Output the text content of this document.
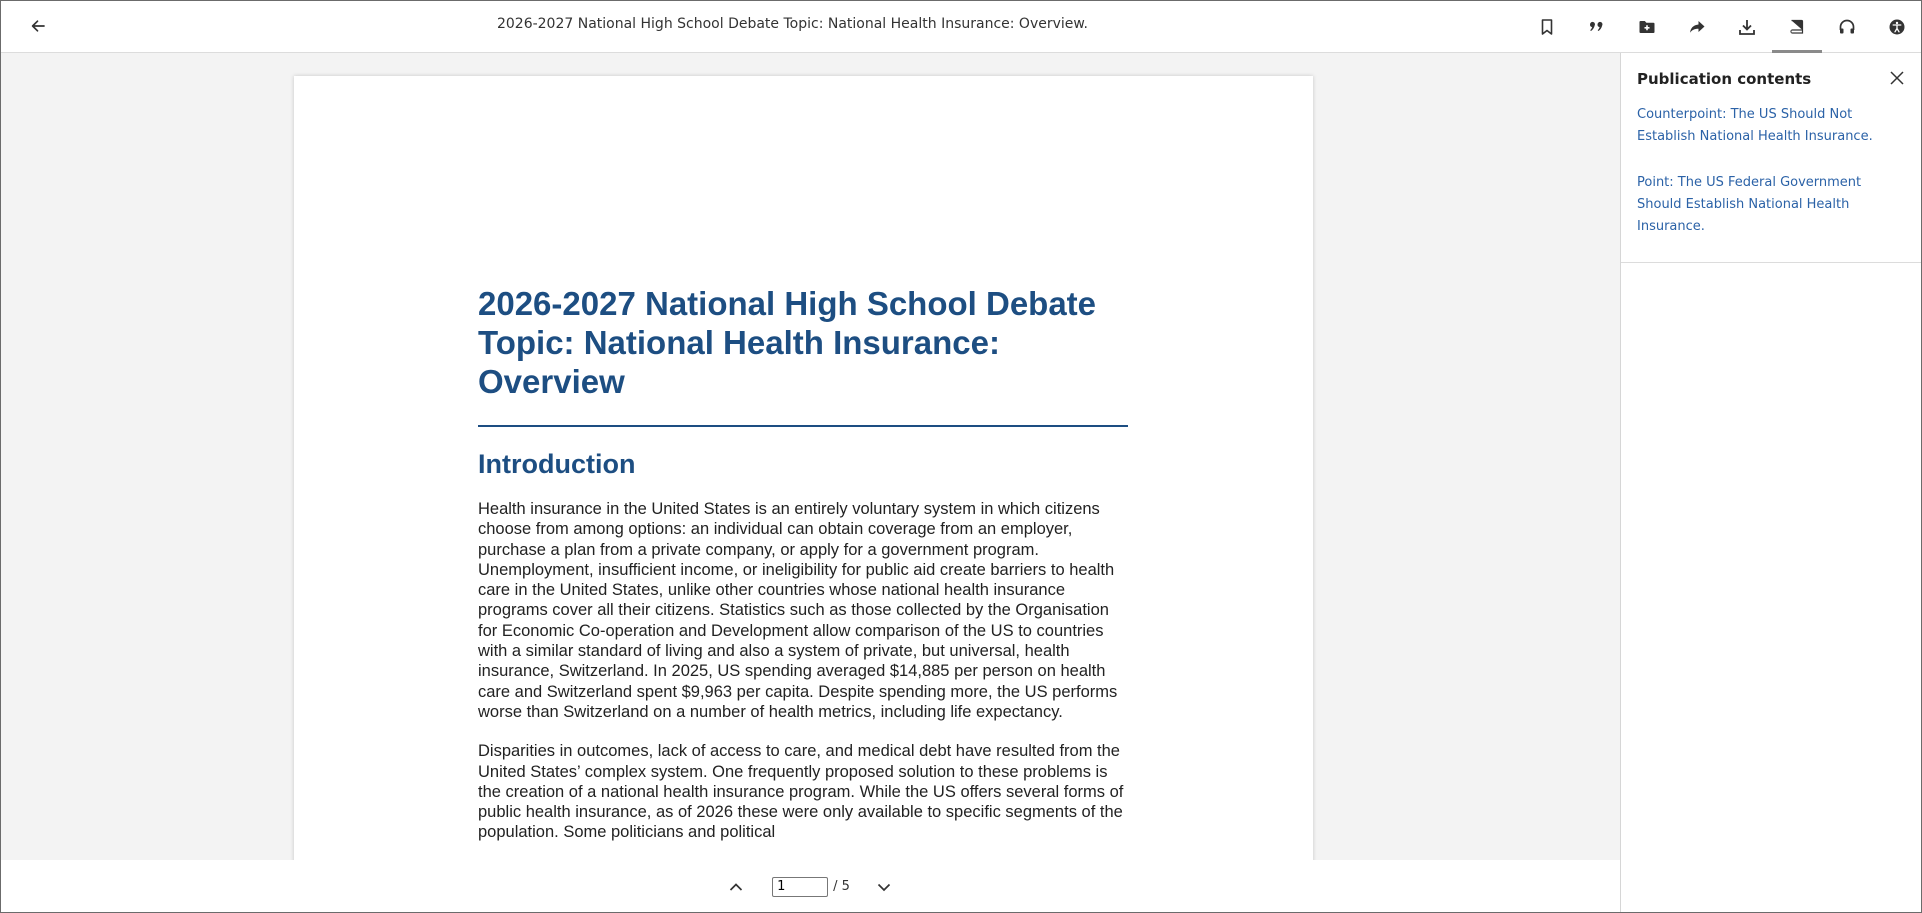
2026-2027 National High School Debate Topic: National Health Insurance: Overview.
2026-2027 National High School Debate Topic: National Health Insurance: Overview
Introduction
Health insurance in the United States is an entirely voluntary system in which citizens choose from among options: an individual can obtain coverage from an employer, purchase a plan from a private company, or apply for a government program. Unemployment, insufficient income, or ineligibility for public aid create barriers to health care in the United States, unlike other countries whose national health insurance programs cover all their citizens. Statistics such as those collected by the Organisation for Economic Co-operation and Development allow comparison of the US to countries with a similar standard of living and also a system of private, but universal, health insurance, Switzerland. In 2025, US spending averaged $14,885 per person on health care and Switzerland spent $9,963 per capita. Despite spending more, the US performs worse than Switzerland on a number of health metrics, including life expectancy.
Disparities in outcomes, lack of access to care, and medical debt have resulted from the United States’ complex system. One frequently proposed solution to these problems is the creation of a national health insurance program. While the US offers several forms of public health insurance, as of 2026 these were only available to specific segments of the population. Some politicians and political
1
/ 5
Publication contents
Counterpoint: The US Should Not Establish National Health Insurance.
Point: The US Federal Government Should Establish National Health Insurance.
